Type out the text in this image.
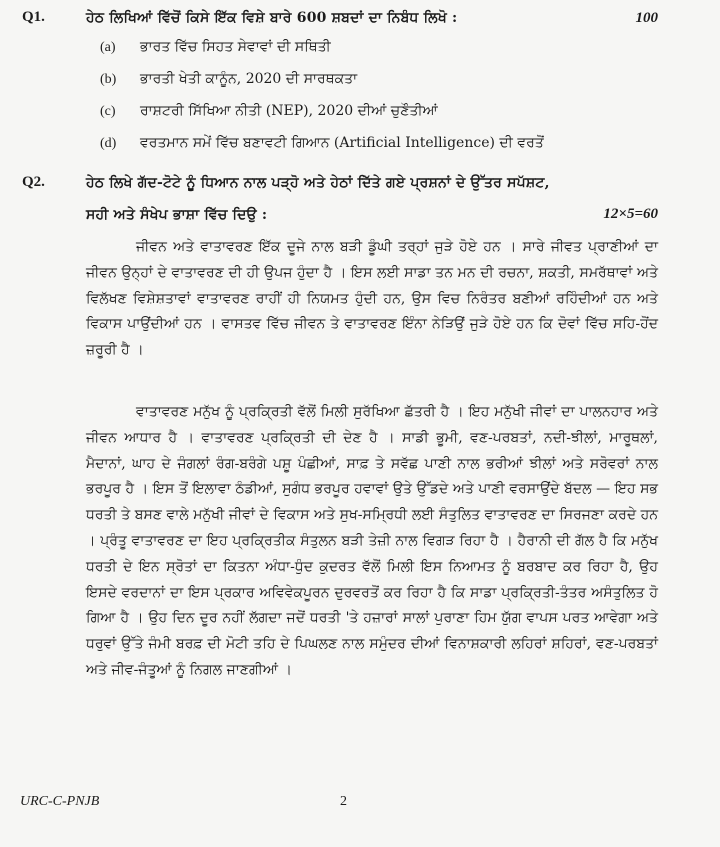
Q1.	ਹੇਠ ਲਿਖਿਆਂ ਵਿੱਚੋਂ ਕਿਸੇ ਇੱਕ ਵਿਸ਼ੇ ਬਾਰੇ 600 ਸ਼ਬਦਾਂ ਦਾ ਨਿਬੰਧ ਲਿਖੋ :	100
(a) ਭਾਰਤ ਵਿੱਚ ਸਿਹਤ ਸੇਵਾਵਾਂ ਦੀ ਸਥਿਤੀ
(b) ਭਾਰਤੀ ਖੇਤੀ ਕਾਨੂੰਨ, 2020 ਦੀ ਸਾਰਥਕਤਾ
(c) ਰਾਸ਼ਟਰੀ ਸਿੱਖਿਆ ਨੀਤੀ (NEP), 2020 ਦੀਆਂ ਚੁਣੌਤੀਆਂ
(d) ਵਰਤਮਾਨ ਸਮੇਂ ਵਿੱਚ ਬਣਾਵਟੀ ਗਿਆਨ (Artificial Intelligence) ਦੀ ਵਰਤੋਂ
Q2.	ਹੇਠ ਲਿਖੇ ਗੱਦ-ਟੋਟੇ ਨੂੰ ਧਿਆਨ ਨਾਲ ਪੜ੍ਹੋ ਅਤੇ ਹੇਠਾਂ ਦਿੱਤੇ ਗਏ ਪ੍ਰਸ਼ਨਾਂ ਦੇ ਉੱਤਰ ਸਪੱਸ਼ਟ,
ਸਹੀ ਅਤੇ ਸੰਖੇਪ ਭਾਸ਼ਾ ਵਿੱਚ ਦਿਉ :	12×5=60

ਜੀਵਨ ਅਤੇ ਵਾਤਾਵਰਣ ਇੱਕ ਦੂਜੇ ਨਾਲ ਬੜੀ ਡੂੰਘੀ ਤਰ੍ਹਾਂ ਜੁੜੇ ਹੋਏ ਹਨ । ਸਾਰੇ ਜੀਵਤ ਪ੍ਰਾਣੀਆਂ ਦਾ ਜੀਵਨ ਉਨ੍ਹਾਂ ਦੇ ਵਾਤਾਵਰਣ ਦੀ ਹੀ ਉਪਜ ਹੁੰਦਾ ਹੈ । ਇਸ ਲਈ ਸਾਡਾ ਤਨ ਮਨ ਦੀ ਰਚਨਾ, ਸ਼ਕਤੀ, ਸਮਰੱਥਾਵਾਂ ਅਤੇ ਵਿਲੱਖਣ ਵਿਸ਼ੇਸ਼ਤਾਵਾਂ ਵਾਤਾਵਰਣ ਰਾਹੀਂ ਹੀ ਨਿਯਮਤ ਹੁੰਦੀ ਹਨ, ਉਸ ਵਿਚ ਨਿਰੰਤਰ ਬਣੀਆਂ ਰਹਿੰਦੀਆਂ ਹਨ ਅਤੇ ਵਿਕਾਸ ਪਾਉਂਦੀਆਂ ਹਨ । ਵਾਸਤਵ ਵਿੱਚ ਜੀਵਨ ਤੇ ਵਾਤਾਵਰਣ ਇੰਨਾ ਨੇੜਿਉਂ ਜੁੜੇ ਹੋਏ ਹਨ ਕਿ ਦੋਵਾਂ ਵਿੱਚ ਸਹਿ-ਹੋਂਦ ਜ਼ਰੂਰੀ ਹੈ ।

ਵਾਤਾਵਰਣ ਮਨੁੱਖ ਨੂੰ ਪ੍ਰਕ੍ਰਿਤੀ ਵੱਲੋਂ ਮਿਲੀ ਸੁਰੱਖਿਆ ਛੱਤਰੀ ਹੈ । ਇਹ ਮਨੁੱਖੀ ਜੀਵਾਂ ਦਾ ਪਾਲਨਹਾਰ ਅਤੇ ਜੀਵਨ ਆਧਾਰ ਹੈ । ਵਾਤਾਵਰਣ ਪ੍ਰਕ੍ਰਿਤੀ ਦੀ ਦੇਣ ਹੈ । ਸਾਡੀ ਭੂਮੀ, ਵਣ-ਪਰਬਤਾਂ, ਨਦੀ-ਝੀਲਾਂ, ਮਾਰੂਥਲਾਂ, ਮੈਦਾਨਾਂ, ਘਾਹ ਦੇ ਜੰਗਲਾਂ ਰੰਗ-ਬਰੰਗੇ ਪਸ਼ੂ ਪੰਛੀਆਂ, ਸਾਫ਼ ਤੇ ਸਵੱਛ ਪਾਣੀ ਨਾਲ ਭਰੀਆਂ ਝੀਲਾਂ ਅਤੇ ਸਰੋਵਰਾਂ ਨਾਲ ਭਰਪੂਰ ਹੈ । ਇਸ ਤੋਂ ਇਲਾਵਾ ਠੰਡੀਆਂ, ਸੁਗੰਧ ਭਰਪੂਰ ਹਵਾਵਾਂ ਉਤੇ ਉੱਡਦੇ ਅਤੇ ਪਾਣੀ ਵਰਸਾਉਂਦੇ ਬੱਦਲ — ਇਹ ਸਭ ਧਰਤੀ ਤੇ ਬਸਣ ਵਾਲੇ ਮਨੁੱਖੀ ਜੀਵਾਂ ਦੇ ਵਿਕਾਸ ਅਤੇ ਸੁਖ-ਸਮ੍ਰਿਧੀ ਲਈ ਸੰਤੁਲਿਤ ਵਾਤਾਵਰਣ ਦਾ ਸਿਰਜਣਾ ਕਰਦੇ ਹਨ । ਪ੍ਰੰਤੂ ਵਾਤਾਵਰਣ ਦਾ ਇਹ ਪ੍ਰਕ੍ਰਿਤੀਕ ਸੰਤੁਲਨ ਬੜੀ ਤੇਜ਼ੀ ਨਾਲ ਵਿਗੜ ਰਿਹਾ ਹੈ । ਹੈਰਾਨੀ ਦੀ ਗੱਲ ਹੈ ਕਿ ਮਨੁੱਖ ਧਰਤੀ ਦੇ ਇਨ ਸ੍ਰੋਤਾਂ ਦਾ ਕਿਤਨਾ ਅੰਧਾ-ਧੁੰਦ ਕੁਦਰਤ ਵੱਲੋਂ ਮਿਲੀ ਇਸ ਨਿਆਮਤ ਨੂੰ ਬਰਬਾਦ ਕਰ ਰਿਹਾ ਹੈ, ਉਹ ਇਸਦੇ ਵਰਦਾਨਾਂ ਦਾ ਇਸ ਪ੍ਰਕਾਰ ਅਵਿਵੇਕਪੂਰਨ ਦੁਰਵਰਤੋਂ ਕਰ ਰਿਹਾ ਹੈ ਕਿ ਸਾਡਾ ਪ੍ਰਕ੍ਰਿਤੀ-ਤੰਤਰ ਅਸੰਤੁਲਿਤ ਹੋ ਗਿਆ ਹੈ । ਉਹ ਦਿਨ ਦੂਰ ਨਹੀਂ ਲੱਗਦਾ ਜਦੋਂ ਧਰਤੀ 'ਤੇ ਹਜ਼ਾਰਾਂ ਸਾਲਾਂ ਪੁਰਾਣਾ ਹਿਮ ਯੁੱਗ ਵਾਪਸ ਪਰਤ ਆਵੇਗਾ ਅਤੇ ਧਰੁਵਾਂ ਉੱਤੇ ਜੰਮੀ ਬਰਫ਼ ਦੀ ਮੋਟੀ ਤਹਿ ਦੇ ਪਿਘਲਣ ਨਾਲ ਸਮੁੰਦਰ ਦੀਆਂ ਵਿਨਾਸ਼ਕਾਰੀ ਲਹਿਰਾਂ ਸ਼ਹਿਰਾਂ, ਵਣ-ਪਰਬਤਾਂ ਅਤੇ ਜੀਵ-ਜੰਤੂਆਂ ਨੂੰ ਨਿਗਲ ਜਾਣਗੀਆਂ ।

URC-C-PNJB	2
